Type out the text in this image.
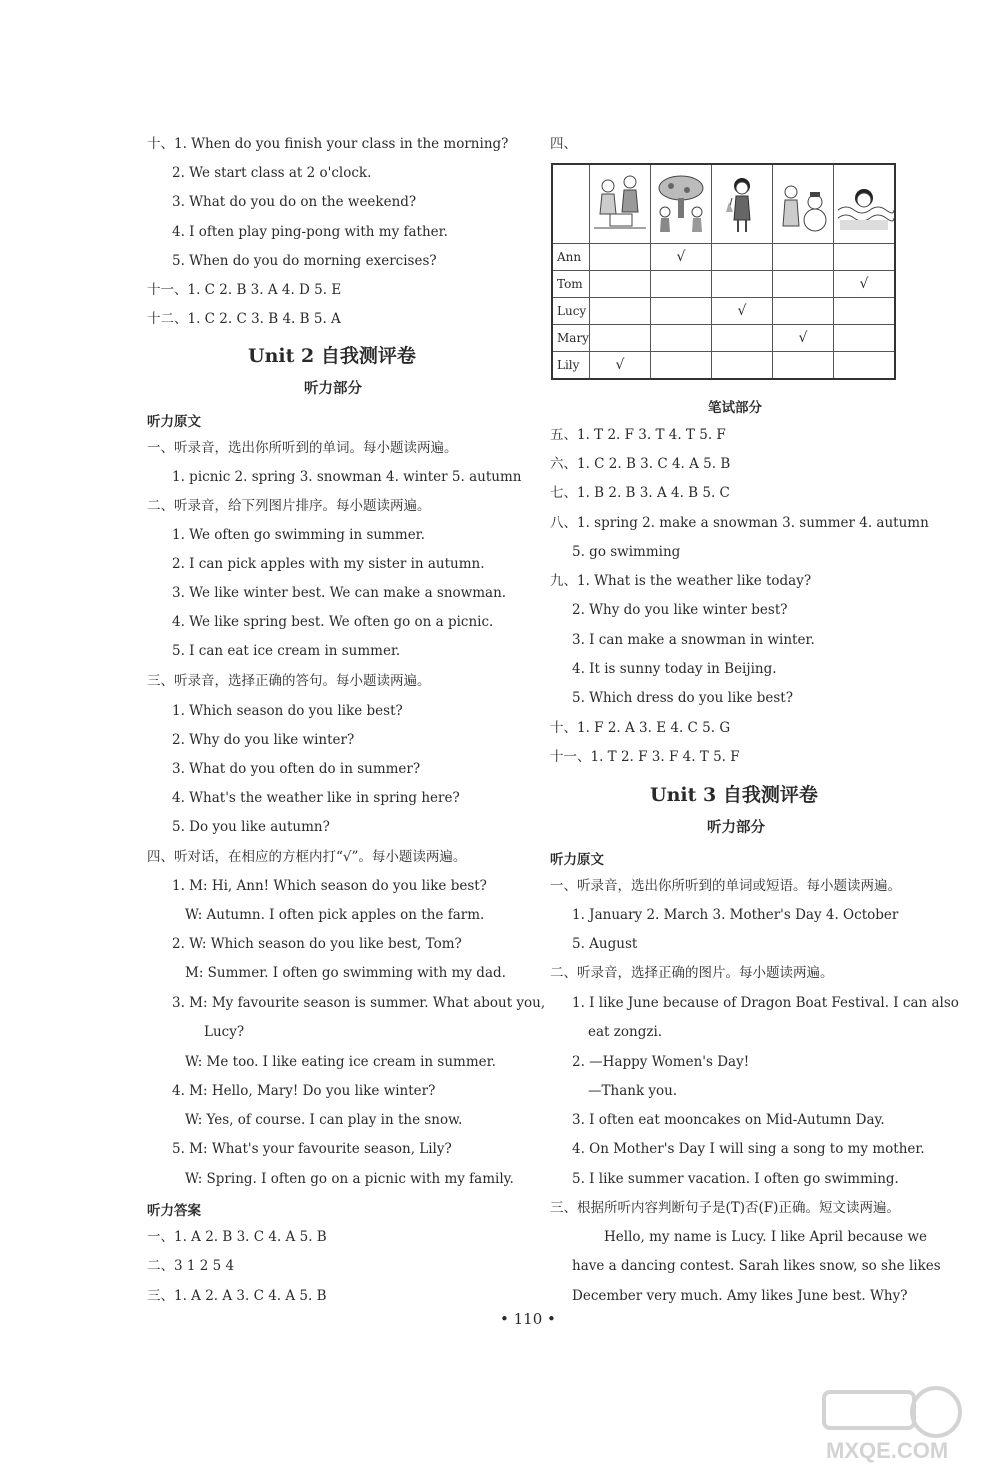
十、1. When do you finish your class in the morning?
2. We start class at 2 o'clock.
3. What do you do on the weekend?
4. I often play ping-pong with my father.
5. When do you do morning exercises?
十一、1. C 2. B 3. A 4. D 5. E
十二、1. C 2. C 3. B 4. B 5. A
Unit 2 自我测评卷
听力部分
听力原文
一、听录音，选出你所听到的单词。每小题读两遍。
1. picnic 2. spring 3. snowman 4. winter 5. autumn
二、听录音，给下列图片排序。每小题读两遍。
1. We often go swimming in summer.
2. I can pick apples with my sister in autumn.
3. We like winter best. We can make a snowman.
4. We like spring best. We often go on a picnic.
5. I can eat ice cream in summer.
三、听录音，选择正确的答句。每小题读两遍。
1. Which season do you like best?
2. Why do you like winter?
3. What do you often do in summer?
4. What's the weather like in spring here?
5. Do you like autumn?
四、听对话，在相应的方框内打“√”。每小题读两遍。
1. M: Hi, Ann! Which season do you like best?
W: Autumn. I often pick apples on the farm.
2. W: Which season do you like best, Tom?
M: Summer. I often go swimming with my dad.
3. M: My favourite season is summer. What about you,
Lucy?
W: Me too. I like eating ice cream in summer.
4. M: Hello, Mary! Do you like winter?
W: Yes, of course. I can play in the snow.
5. M: What's your favourite season, Lily?
W: Spring. I often go on a picnic with my family.
听力答案
一、1. A 2. B 3. C 4. A 5. B
二、3 1 2 5 4
三、1. A 2. A 3. C 4. A 5. B
四、

Ann		√			
Tom					√
Lucy			√		
Mary				√	
Lily	√				
笔试部分
五、1. T 2. F 3. T 4. T 5. F
六、1. C 2. B 3. C 4. A 5. B
七、1. B 2. B 3. A 4. B 5. C
八、1. spring 2. make a snowman 3. summer 4. autumn
5. go swimming
九、1. What is the weather like today?
2. Why do you like winter best?
3. I can make a snowman in winter.
4. It is sunny today in Beijing.
5. Which dress do you like best?
十、1. F 2. A 3. E 4. C 5. G
十一、1. T 2. F 3. F 4. T 5. F
Unit 3 自我测评卷
听力部分
听力原文
一、听录音，选出你所听到的单词或短语。每小题读两遍。
1. January 2. March 3. Mother's Day 4. October
5. August
二、听录音，选择正确的图片。每小题读两遍。
1. I like June because of Dragon Boat Festival. I can also
eat zongzi.
2. —Happy Women's Day!
—Thank you.
3. I often eat mooncakes on Mid-Autumn Day.
4. On Mother's Day I will sing a song to my mother.
5. I like summer vacation. I often go swimming.
三、根据所听内容判断句子是(T)否(F)正确。短文读两遍。
Hello, my name is Lucy. I like April because we
have a dancing contest. Sarah likes snow, so she likes
December very much. Amy likes June best. Why?
• 110 •
MXQE.COM
